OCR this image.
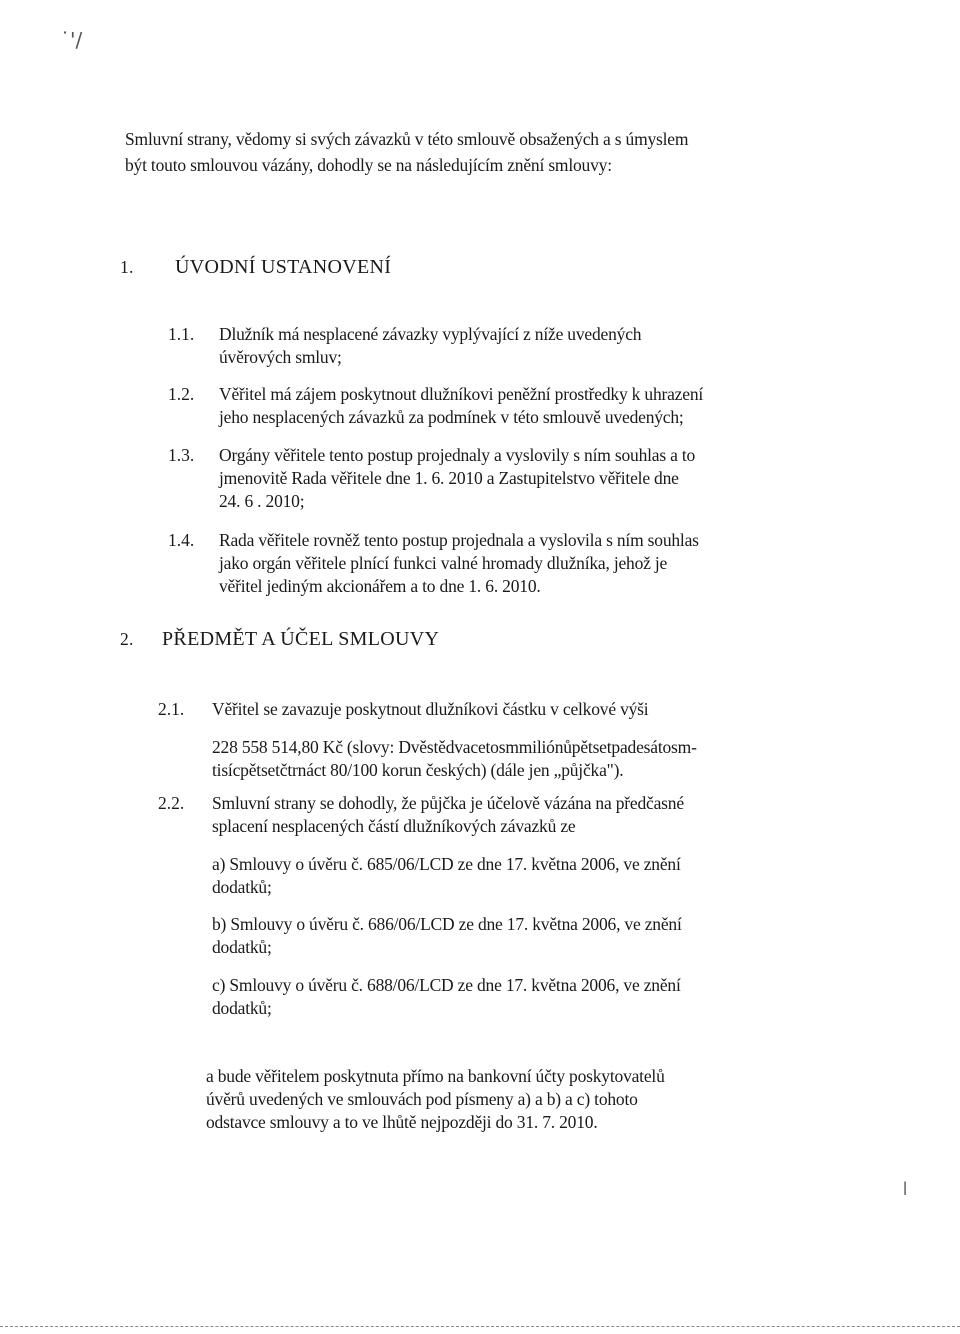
˙'/
ǀ
Smluvní strany, vědomy si svých závazků v této smlouvě obsažených a s úmyslem
být touto smlouvou vázány, dohodly se na následujícím znění smlouvy:
1. ÚVODNÍ USTANOVENÍ
1.1. Dlužník má nesplacené závazky vyplývající z níže uvedených
úvěrových smluv;
1.2. Věřitel má zájem poskytnout dlužníkovi peněžní prostředky k uhrazení
jeho nesplacených závazků za podmínek v této smlouvě uvedených;
1.3. Orgány věřitele tento postup projednaly a vyslovily s ním souhlas a to
jmenovitě Rada věřitele dne 1. 6. 2010 a Zastupitelstvo věřitele dne
24. 6 . 2010;
1.4. Rada věřitele rovněž tento postup projednala a vyslovila s ním souhlas
jako orgán věřitele plnící funkci valné hromady dlužníka, jehož je
věřitel jediným akcionářem a to dne 1. 6. 2010.
2. PŘEDMĚT A ÚČEL SMLOUVY
2.1. Věřitel se zavazuje poskytnout dlužníkovi částku v celkové výši
228 558 514,80 Kč (slovy: Dvěstědvacetosmmiliónůpětsetpadesátosm-
tisícpětsetčtrnáct 80/100 korun českých) (dále jen „půjčka").
2.2. Smluvní strany se dohodly, že půjčka je účelově vázána na předčasné
splacení nesplacených částí dlužníkových závazků ze
a) Smlouvy o úvěru č. 685/06/LCD ze dne 17. května 2006, ve znění
dodatků;
b) Smlouvy o úvěru č. 686/06/LCD ze dne 17. května 2006, ve znění
dodatků;
c) Smlouvy o úvěru č. 688/06/LCD ze dne 17. května 2006, ve znění
dodatků;
a bude věřitelem poskytnuta přímo na bankovní účty poskytovatelů
úvěrů uvedených ve smlouvách pod písmeny a) a b) a c) tohoto
odstavce smlouvy a to ve lhůtě nejpozději do 31. 7. 2010.
